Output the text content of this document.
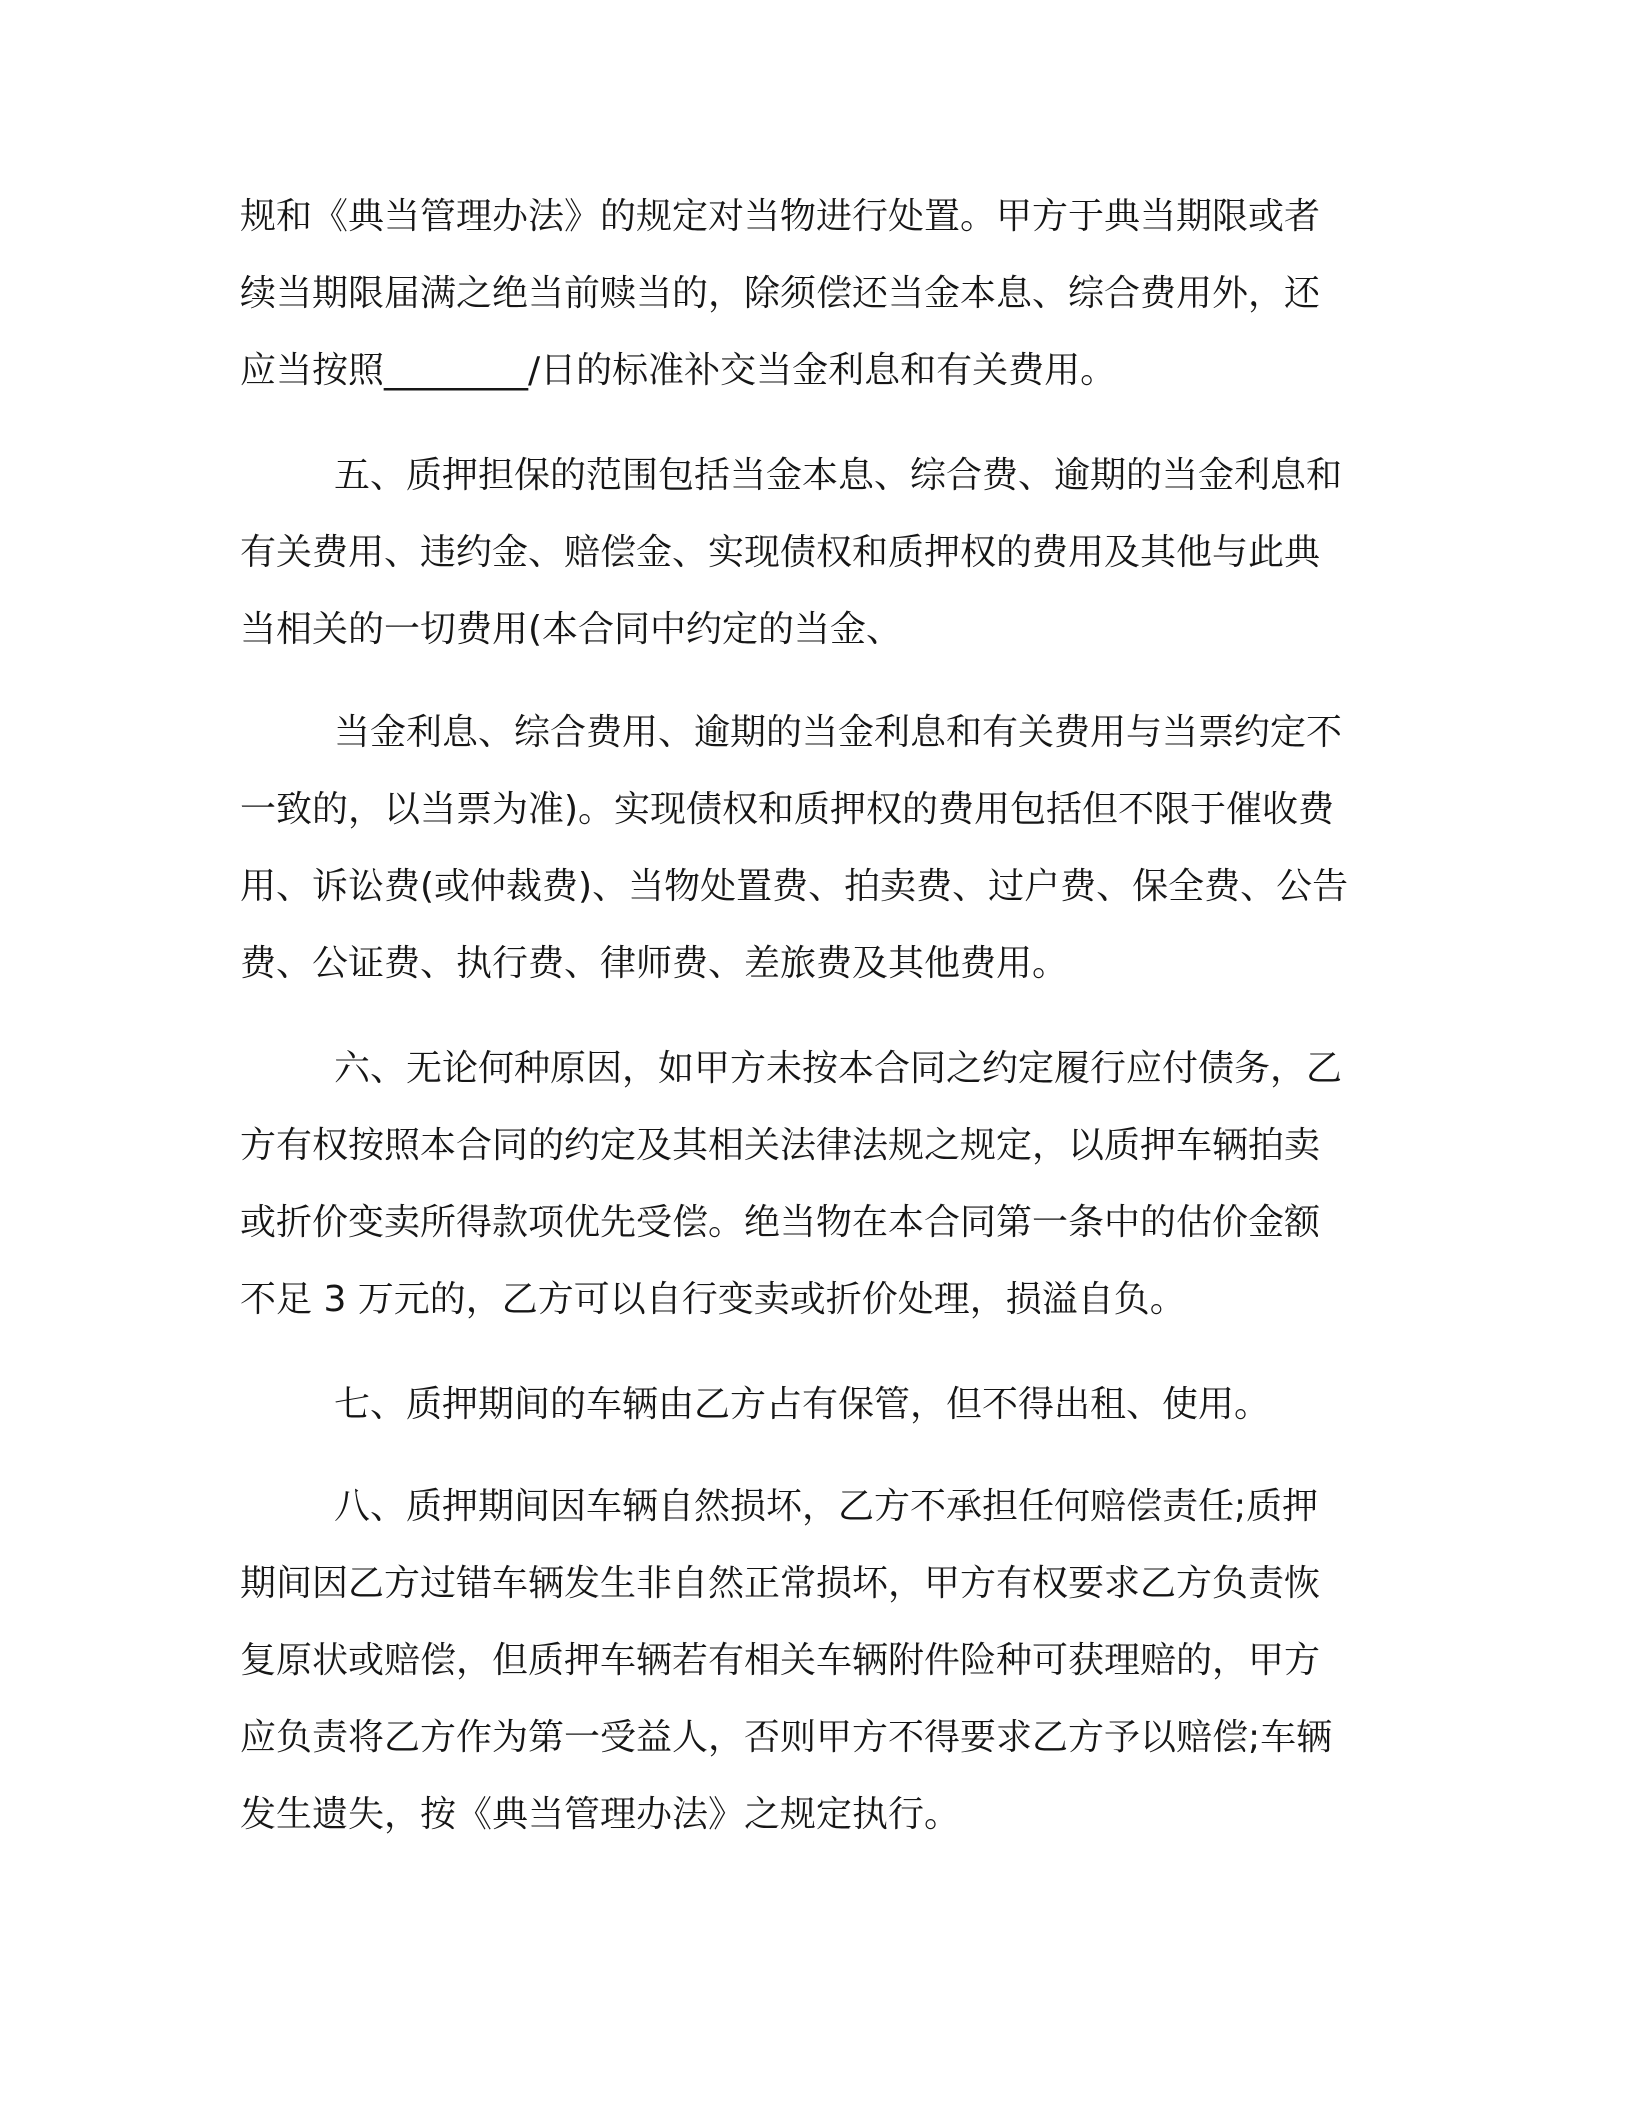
规和《典当管理办法》的规定对当物进行处置。甲方于典当期限或者
续当期限届满之绝当前赎当的，除须偿还当金本息、综合费用外，还
应当按照________/日的标准补交当金利息和有关费用。
五、质押担保的范围包括当金本息、综合费、逾期的当金利息和
有关费用、违约金、赔偿金、实现债权和质押权的费用及其他与此典
当相关的一切费用(本合同中约定的当金、
当金利息、综合费用、逾期的当金利息和有关费用与当票约定不
一致的，以当票为准)。实现债权和质押权的费用包括但不限于催收费
用、诉讼费(或仲裁费)、当物处置费、拍卖费、过户费、保全费、公告
费、公证费、执行费、律师费、差旅费及其他费用。
六、无论何种原因，如甲方未按本合同之约定履行应付债务，乙
方有权按照本合同的约定及其相关法律法规之规定，以质押车辆拍卖
或折价变卖所得款项优先受偿。绝当物在本合同第一条中的估价金额
不足 3 万元的，乙方可以自行变卖或折价处理，损溢自负。
七、质押期间的车辆由乙方占有保管，但不得出租、使用。
八、质押期间因车辆自然损坏，乙方不承担任何赔偿责任;质押
期间因乙方过错车辆发生非自然正常损坏，甲方有权要求乙方负责恢
复原状或赔偿，但质押车辆若有相关车辆附件险种可获理赔的，甲方
应负责将乙方作为第一受益人，否则甲方不得要求乙方予以赔偿;车辆
发生遗失，按《典当管理办法》之规定执行。
